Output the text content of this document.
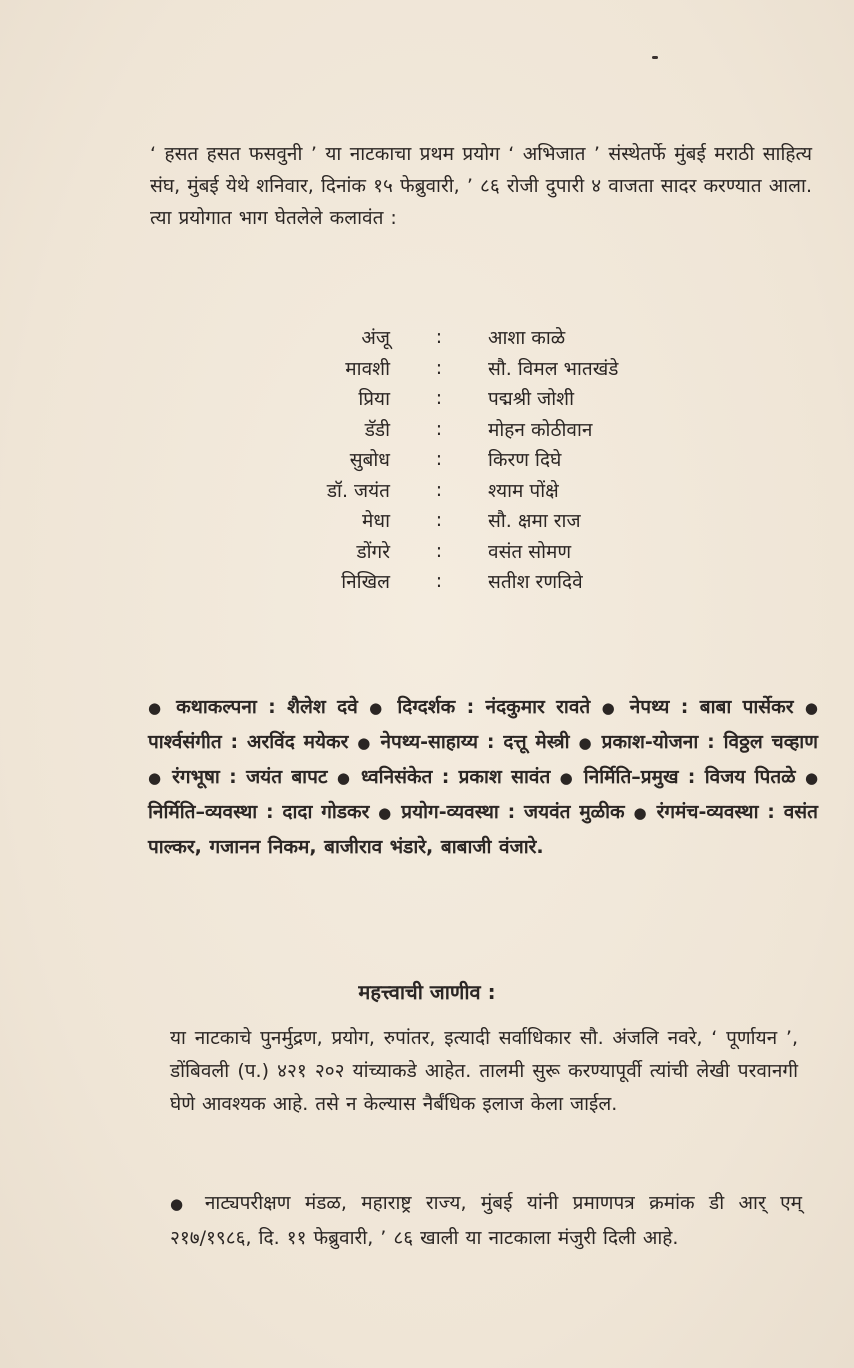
‘ हसत हसत फसवुनी ’ या नाटकाचा प्रथम प्रयोग ‘ अभिजात ’ संस्थेतर्फे मुंबई मराठी साहित्य संघ, मुंबई येथे शनिवार, दिनांक १५ फेब्रुवारी, ’ ८६ रोजी दुपारी ४ वाजता सादर करण्यात आला. त्या प्रयोगात भाग घेतलेले कलावंत :

अंजू	:	आशा काळे
मावशी	:	सौ. विमल भातखंडे
प्रिया	:	पद्मश्री जोशी
डॅडी	:	मोहन कोठीवान
सुबोध	:	किरण दिघे
डॉ. जयंत	:	श्याम पोंक्षे
मेधा	:	सौ. क्षमा राज
डोंगरे	:	वसंत सोमण
निखिल	:	सतीश रणदिवे

● कथाकल्पना : शैलेश दवे ● दिग्दर्शक : नंदकुमार रावते ● नेपथ्य : बाबा पार्सेकर ● पार्श्वसंगीत : अरविंद मयेकर ● नेपथ्य-साहाय्य : दत्तू मेस्त्री ● प्रकाश-योजना : विठ्ठल चव्हाण ● रंगभूषा : जयंत बापट ● ध्वनिसंकेत : प्रकाश सावंत ● निर्मिति–प्रमुख : विजय पितळे ● निर्मिति–व्यवस्था : दादा गोडकर ● प्रयोग-व्यवस्था : जयवंत मुळीक ● रंगमंच-व्यवस्था : वसंत पाल्कर, गजानन निकम, बाजीराव भंडारे, बाबाजी वंजारे.

महत्त्वाची जाणीव :

या नाटकाचे पुनर्मुद्रण, प्रयोग, रुपांतर, इत्यादी सर्वाधिकार सौ. अंजलि नवरे, ‘ पूर्णायन ’, डोंबिवली (प.) ४२१ २०२ यांच्याकडे आहेत. तालमी सुरू करण्यापूर्वी त्यांची लेखी परवानगी घेणे आवश्यक आहे. तसे न केल्यास नैर्बंधिक इलाज केला जाईल.

● नाट्यपरीक्षण मंडळ, महाराष्ट्र राज्य, मुंबई यांनी प्रमाणपत्र क्रमांक डी आर् एम् २१७/१९८६, दि. ११ फेब्रुवारी, ’ ८६ खाली या नाटकाला मंजुरी दिली आहे.
